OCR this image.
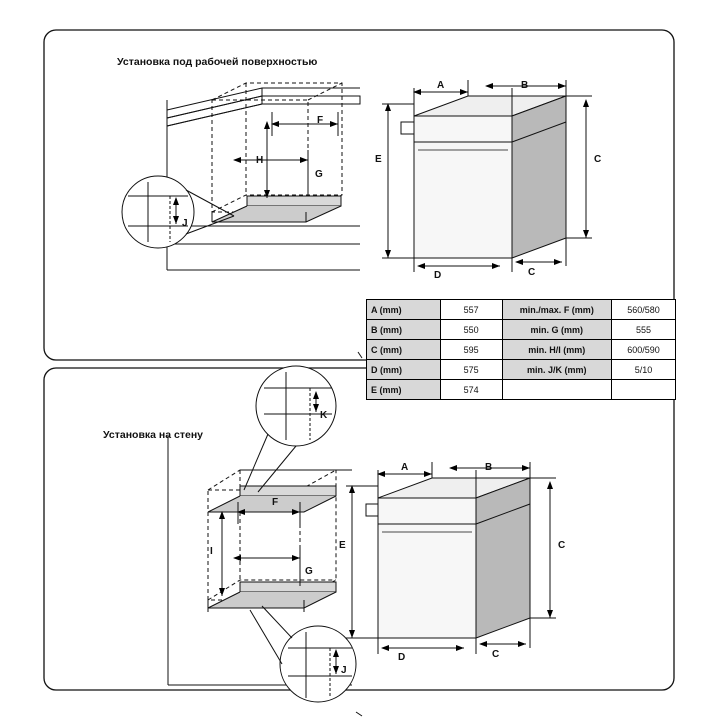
Установка под рабочей поверхностью
F
H
G
J
A	B
C
E
D	C
Установка на стену
K
F
I
G
J
A	B
C
E
D	C
A (mm)	557	min./max. F (mm)	560/580
B (mm)	550	min. G (mm)	555
C (mm)	595	min. H/I (mm)	600/590
D (mm)	575	min. J/K (mm)	5/10
E (mm)	574		
